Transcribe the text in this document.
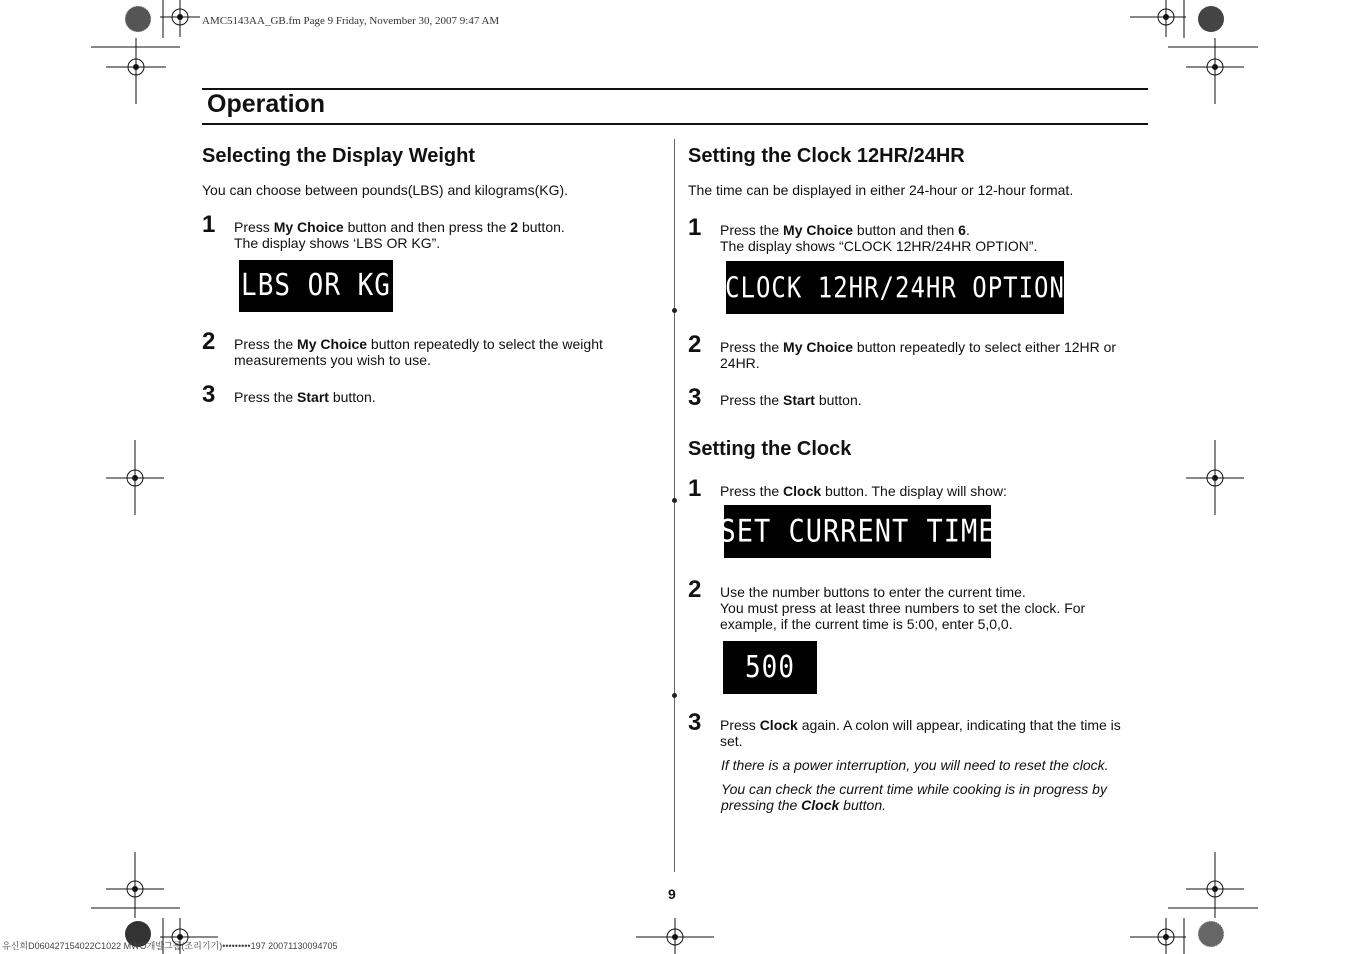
AMC5143AA_GB.fm Page 9 Friday, November 30, 2007 9:47 AM
Operation
Selecting the Display Weight
You can choose between pounds(LBS) and kilograms(KG).
1 Press My Choice button and then press the 2 button.
The display shows ‘LBS OR KG”.
LBS OR KG
2 Press the My Choice button repeatedly to select the weight
measurements you wish to use.
3 Press the Start button.
Setting the Clock 12HR/24HR
The time can be displayed in either 24-hour or 12-hour format.
1 Press the My Choice button and then 6.
The display shows “CLOCK 12HR/24HR OPTION”.
CLOCK 12HR/24HR OPTION
2 Press the My Choice button repeatedly to select either 12HR or
24HR.
3 Press the Start button.
Setting the Clock
1 Press the Clock button. The display will show:
SET CURRENT TIME
2 Use the number buttons to enter the current time.
You must press at least three numbers to set the clock. For
example, if the current time is 5:00, enter 5,0,0.
500
3 Press Clock again. A colon will appear, indicating that the time is
set.
If there is a power interruption, you will need to reset the clock.
You can check the current time while cooking is in progress by
pressing the Clock button.
9
유신희D060427154022C1022 MWO개발그룹(조리기기)•••••••••197 20071130094705
